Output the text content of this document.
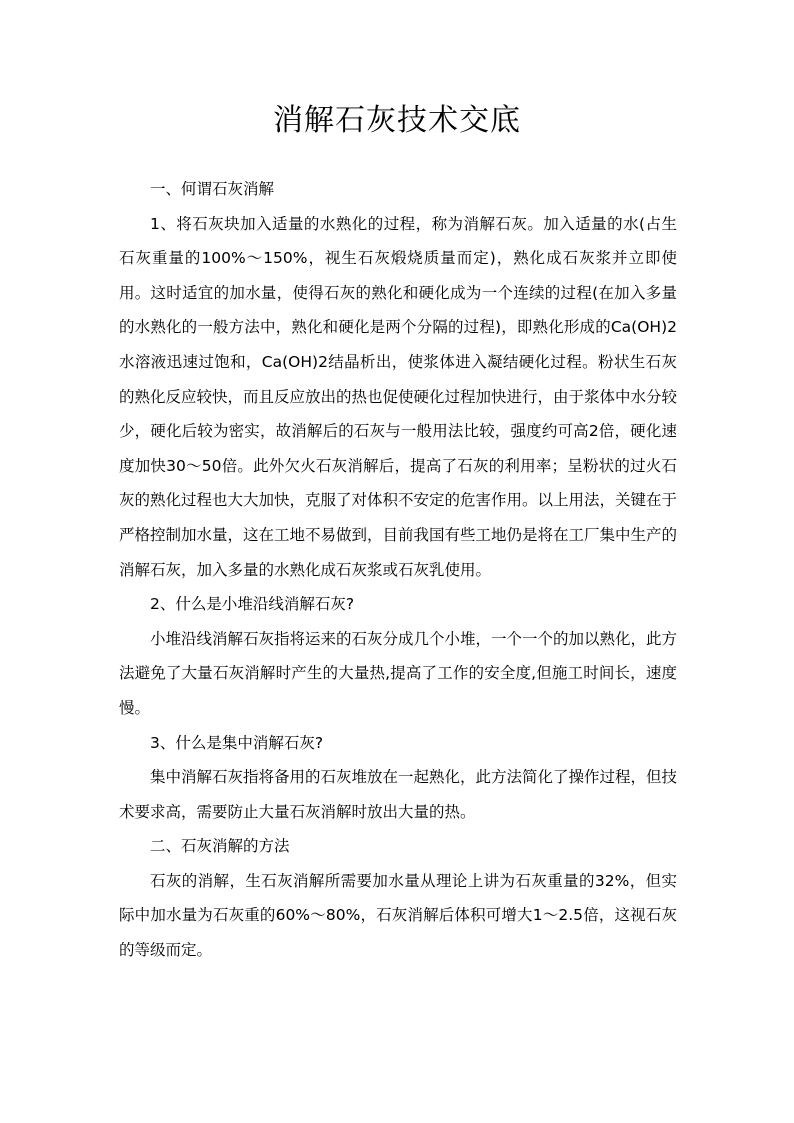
消解石灰技术交底

一、何谓石灰消解

1、将石灰块加入适量的水熟化的过程，称为消解石灰。加入适量的水(占生石灰重量的100%～150%，视生石灰煅烧质量而定)，熟化成石灰浆并立即使用。这时适宜的加水量，使得石灰的熟化和硬化成为一个连续的过程(在加入多量的水熟化的一般方法中，熟化和硬化是两个分隔的过程)，即熟化形成的Ca(OH)2水溶液迅速过饱和，Ca(OH)2结晶析出，使浆体进入凝结硬化过程。粉状生石灰的熟化反应较快，而且反应放出的热也促使硬化过程加快进行，由于浆体中水分较少，硬化后较为密实，故消解后的石灰与一般用法比较，强度约可高2倍，硬化速度加快30～50倍。此外欠火石灰消解后，提高了石灰的利用率；呈粉状的过火石灰的熟化过程也大大加快，克服了对体积不安定的危害作用。以上用法，关键在于严格控制加水量，这在工地不易做到，目前我国有些工地仍是将在工厂集中生产的消解石灰，加入多量的水熟化成石灰浆或石灰乳使用。

2、什么是小堆沿线消解石灰?

小堆沿线消解石灰指将运来的石灰分成几个小堆，一个一个的加以熟化，此方法避免了大量石灰消解时产生的大量热,提高了工作的安全度,但施工时间长，速度慢。

3、什么是集中消解石灰?

集中消解石灰指将备用的石灰堆放在一起熟化，此方法简化了操作过程，但技术要求高，需要防止大量石灰消解时放出大量的热。

二、石灰消解的方法

石灰的消解，生石灰消解所需要加水量从理论上讲为石灰重量的32%，但实际中加水量为石灰重的60%～80%，石灰消解后体积可增大1～2.5倍，这视石灰的等级而定。
